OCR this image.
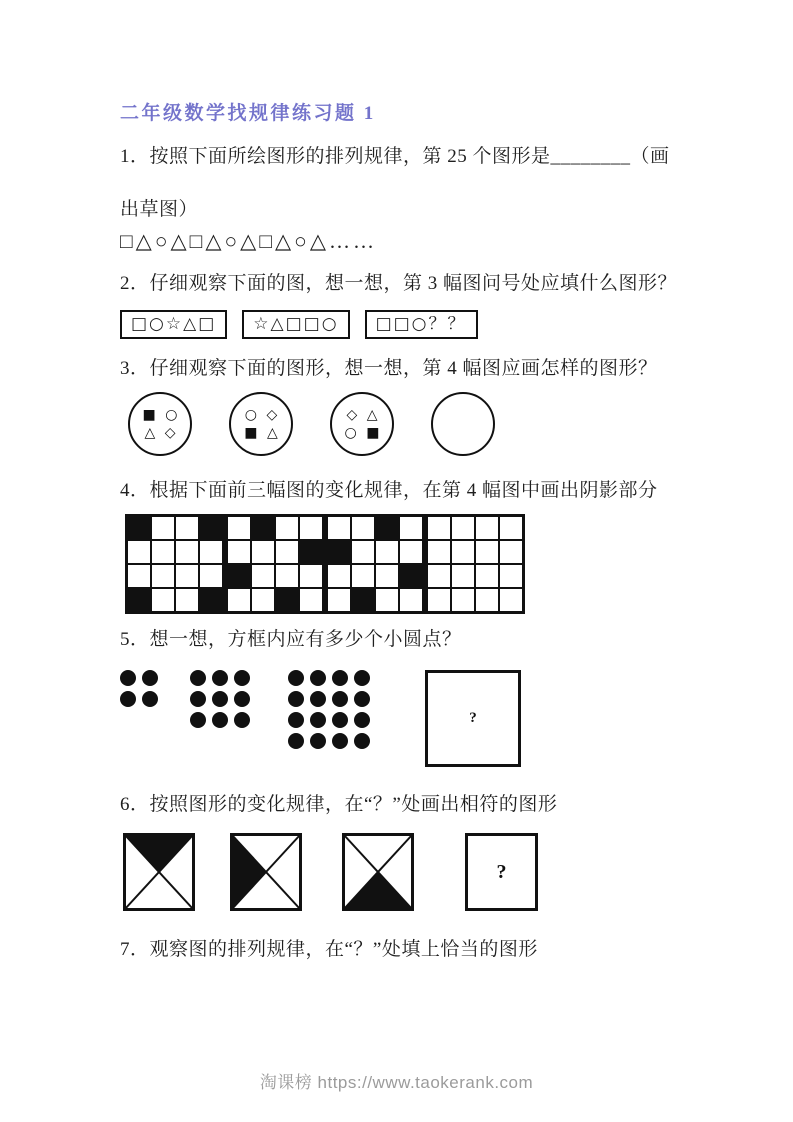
二年级数学找规律练习题 1
1．按照下面所绘图形的排列规律，第 25 个图形是________（画
出草图）
□△○△□△○△□△○△……
2．仔细观察下面的图，想一想，第 3 幅图问号处应填什么图形？
□○☆△□	☆△□□○	□□○？？
3．仔细观察下面的图形，想一想，第 4 幅图应画怎样的图形？
■ ○
△ ◇
○ ◇
■ △
◇ △
○ ■
4．根据下面前三幅图的变化规律，在第 4 幅图中画出阴影部分
5．想一想，方框内应有多少个小圆点？
?
6．按照图形的变化规律，在“？”处画出相符的图形
?
7．观察图的排列规律，在“？”处填上恰当的图形
淘课榜 https://www.taokerank.com
